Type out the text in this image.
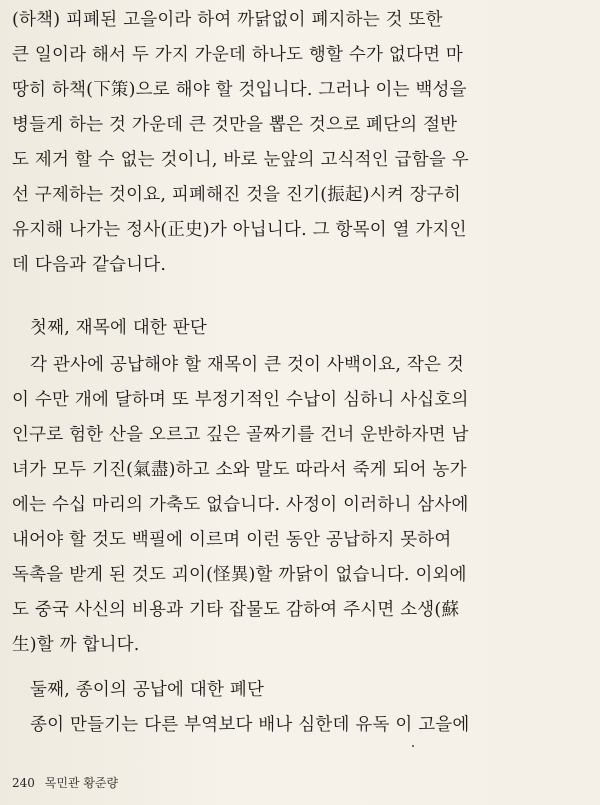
(하책) 피폐된 고을이라 하여 까닭없이 폐지하는 것 또한
큰 일이라 해서 두 가지 가운데 하나도 행할 수가 없다면 마
땅히 하책(下策)으로 해야 할 것입니다. 그러나 이는 백성을
병들게 하는 것 가운데 큰 것만을 뽑은 것으로 폐단의 절반
도 제거 할 수 없는 것이니, 바로 눈앞의 고식적인 급함을 우
선 구제하는 것이요, 피폐해진 것을 진기(振起)시켜 장구히
유지해 나가는 정사(正史)가 아닙니다. 그 항목이 열 가지인
데 다음과 같습니다.
첫째, 재목에 대한 판단
각 관사에 공납해야 할 재목이 큰 것이 사백이요, 작은 것
이 수만 개에 달하며 또 부정기적인 수납이 심하니 사십호의
인구로 험한 산을 오르고 깊은 골짜기를 건너 운반하자면 남
녀가 모두 기진(氣盡)하고 소와 말도 따라서 죽게 되어 농가
에는 수십 마리의 가축도 없습니다. 사정이 이러하니 삼사에
내어야 할 것도 백필에 이르며 이런 동안 공납하지 못하여
독촉을 받게 된 것도 괴이(怪異)할 까닭이 없습니다. 이외에
도 중국 사신의 비용과 기타 잡물도 감하여 주시면 소생(蘇
生)할 까 합니다.
둘째, 종이의 공납에 대한 폐단
종이 만들기는 다른 부역보다 배나 심한데 유독 이 고을에
240 목민관 황준량
